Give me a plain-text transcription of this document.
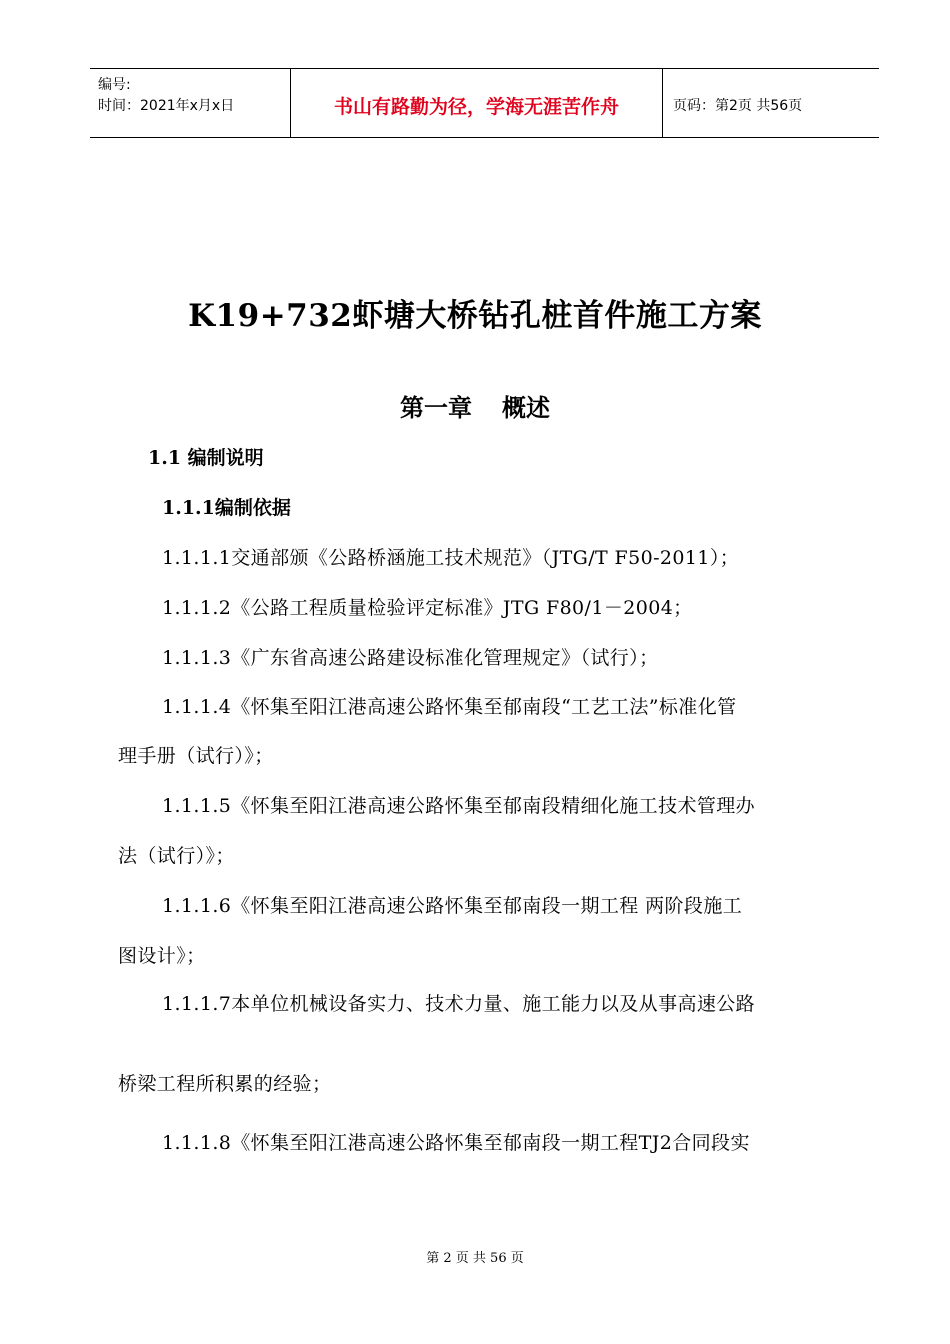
编号:
时间：2021年x月x日	书山有路勤为径，学海无涯苦作舟	页码：第2页 共56页
K19+732虾塘大桥钻孔桩首件施工方案
第一章 概述
1.1 编制说明
1.1.1编制依据
1.1.1.1交通部颁《公路桥涵施工技术规范》（JTG/T F50-2011）；
1.1.1.2《公路工程质量检验评定标准》JTG F80/1－2004；
1.1.1.3《广东省高速公路建设标准化管理规定》（试行）；
1.1.1.4《怀集至阳江港高速公路怀集至郁南段“工艺工法”标准化管
理手册（试行）》；
1.1.1.5《怀集至阳江港高速公路怀集至郁南段精细化施工技术管理办
法（试行）》；
1.1.1.6《怀集至阳江港高速公路怀集至郁南段一期工程 两阶段施工
图设计》；
1.1.1.7本单位机械设备实力、技术力量、施工能力以及从事高速公路
桥梁工程所积累的经验；
1.1.1.8《怀集至阳江港高速公路怀集至郁南段一期工程TJ2合同段实
第 2 页 共 56 页
